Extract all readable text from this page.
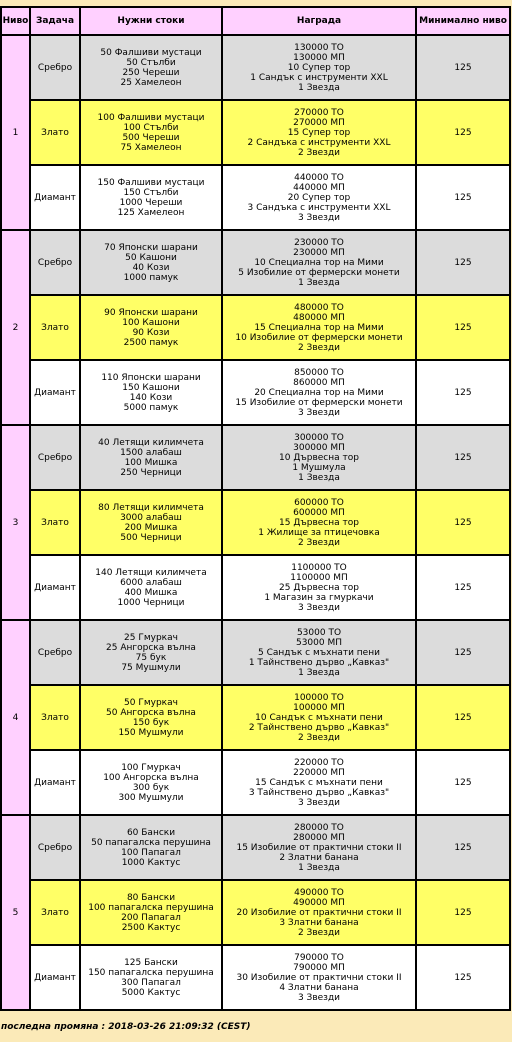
Ниво	Задача	Нужни стоки	Награда	Минимално ниво
1	Сребро	50 Фалшиви мустаци
50 Стълби
250 Череши
25 Хамелеон	130000 ТО
130000 МП
10 Супер тор
1 Сандък с инструменти XXL
1 Звезда	125
	Злато	100 Фалшиви мустаци
100 Стълби
500 Череши
75 Хамелеон	270000 ТО
270000 МП
15 Супер тор
2 Сандъка с инструменти XXL
2 Звезди	125
	Диамант	150 Фалшиви мустаци
150 Стълби
1000 Череши
125 Хамелеон	440000 ТО
440000 МП
20 Супер тор
3 Сандъка с инструменти XXL
3 Звезди	125
2	Сребро	70 Японски шарани
50 Кашони
40 Кози
1000 памук	230000 ТО
230000 МП
10 Специална тор на Мими
5 Изобилие от фермерски монети
1 Звезда	125
	Злато	90 Японски шарани
100 Кашони
90 Кози
2500 памук	480000 ТО
480000 МП
15 Специална тор на Мими
10 Изобилие от фермерски монети
2 Звезди	125
	Диамант	110 Японски шарани
150 Кашони
140 Кози
5000 памук	850000 ТО
860000 МП
20 Специална тор на Мими
15 Изобилие от фермерски монети
3 Звезди	125
3	Сребро	40 Летящи килимчета
1500 алабаш
100 Мишка
250 Черници	300000 ТО
300000 МП
10 Дървесна тор
1 Мушмула
1 Звезда	125
	Злато	80 Летящи килимчета
3000 алабаш
200 Мишка
500 Черници	600000 ТО
600000 МП
15 Дървесна тор
1 Жилище за птицечовка
2 Звезди	125
	Диамант	140 Летящи килимчета
6000 алабаш
400 Мишка
1000 Черници	1100000 ТО
1100000 МП
25 Дървесна тор
1 Магазин за гмуркачи
3 Звезди	125
4	Сребро	25 Гмуркач
25 Ангорска вълна
75 бук
75 Мушмули	53000 ТО
53000 МП
5 Сандък с мъхнати пени
1 Тайнствено дърво „Кавказ"
1 Звезда	125
	Злато	50 Гмуркач
50 Ангорска вълна
150 бук
150 Мушмули	100000 ТО
100000 МП
10 Сандък с мъхнати пени
2 Тайнствено дърво „Кавказ"
2 Звезди	125
	Диамант	100 Гмуркач
100 Ангорска вълна
300 бук
300 Мушмули	220000 ТО
220000 МП
15 Сандък с мъхнати пени
3 Тайнствено дърво „Кавказ"
3 Звезди	125
5	Сребро	60 Бански
50 папагалска перушина
100 Папагал
1000 Кактус	280000 ТО
280000 МП
15 Изобилие от практични стоки II
2 Златни банана
1 Звезда	125
	Злато	80 Бански
100 папагалска перушина
200 Папагал
2500 Кактус	490000 ТО
490000 МП
20 Изобилие от практични стоки II
3 Златни банана
2 Звезди	125
	Диамант	125 Бански
150 папагалска перушина
300 Папагал
5000 Кактус	790000 ТО
790000 МП
30 Изобилие от практични стоки II
4 Златни банана
3 Звезди	125
последна промяна : 2018-03-26 21:09:32 (CEST)
